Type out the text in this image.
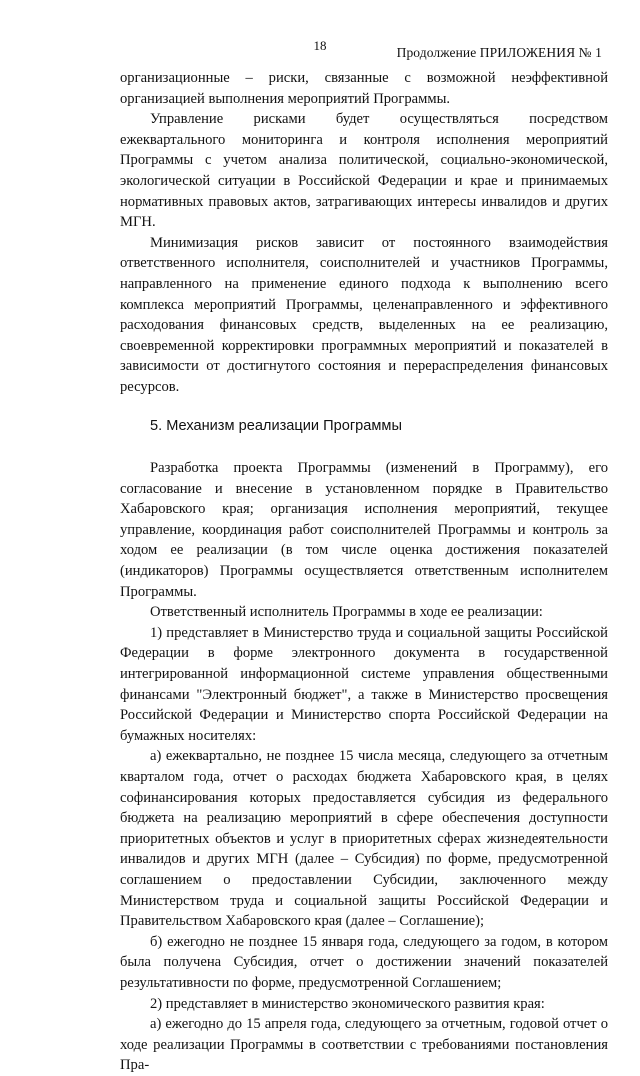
18	Продолжение ПРИЛОЖЕНИЯ № 1

организационные – риски, связанные с возможной неэффективной организацией выполнения мероприятий Программы.

Управление рисками будет осуществляться посредством ежеквартального мониторинга и контроля исполнения мероприятий Программы с учетом анализа политической, социально-экономической, экологической ситуации в Российской Федерации и крае и принимаемых нормативных правовых актов, затрагивающих интересы инвалидов и других МГН.

Минимизация рисков зависит от постоянного взаимодействия ответственного исполнителя, соисполнителей и участников Программы, направленного на применение единого подхода к выполнению всего комплекса мероприятий Программы, целенаправленного и эффективного расходования финансовых средств, выделенных на ее реализацию, своевременной корректировки программных мероприятий и показателей в зависимости от достигнутого состояния и перераспределения финансовых ресурсов.

5. Механизм реализации Программы

Разработка проекта Программы (изменений в Программу), его согласование и внесение в установленном порядке в Правительство Хабаровского края; организация исполнения мероприятий, текущее управление, координация работ соисполнителей Программы и контроль за ходом ее реализации (в том числе оценка достижения показателей (индикаторов) Программы осуществляется ответственным исполнителем Программы.

Ответственный исполнитель Программы в ходе ее реализации:

1) представляет в Министерство труда и социальной защиты Российской Федерации в форме электронного документа в государственной интегрированной информационной системе управления общественными финансами "Электронный бюджет", а также в Министерство просвещения Российской Федерации и Министерство спорта Российской Федерации на бумажных носителях:

а) ежеквартально, не позднее 15 числа месяца, следующего за отчетным кварталом года, отчет о расходах бюджета Хабаровского края, в целях софинансирования которых предоставляется субсидия из федерального бюджета на реализацию мероприятий в сфере обеспечения доступности приоритетных объектов и услуг в приоритетных сферах жизнедеятельности инвалидов и других МГН (далее – Субсидия) по форме, предусмотренной соглашением о предоставлении Субсидии, заключенного между Министерством труда и социальной защиты Российской Федерации и Правительством Хабаровского края (далее – Соглашение);

б) ежегодно не позднее 15 января года, следующего за годом, в котором была получена Субсидия, отчет о достижении значений показателей результативности по форме, предусмотренной Соглашением;

2) представляет в министерство экономического развития края:

а) ежегодно до 15 апреля года, следующего за отчетным, годовой отчет о ходе реализации Программы в соответствии с требованиями постановления Пра-
